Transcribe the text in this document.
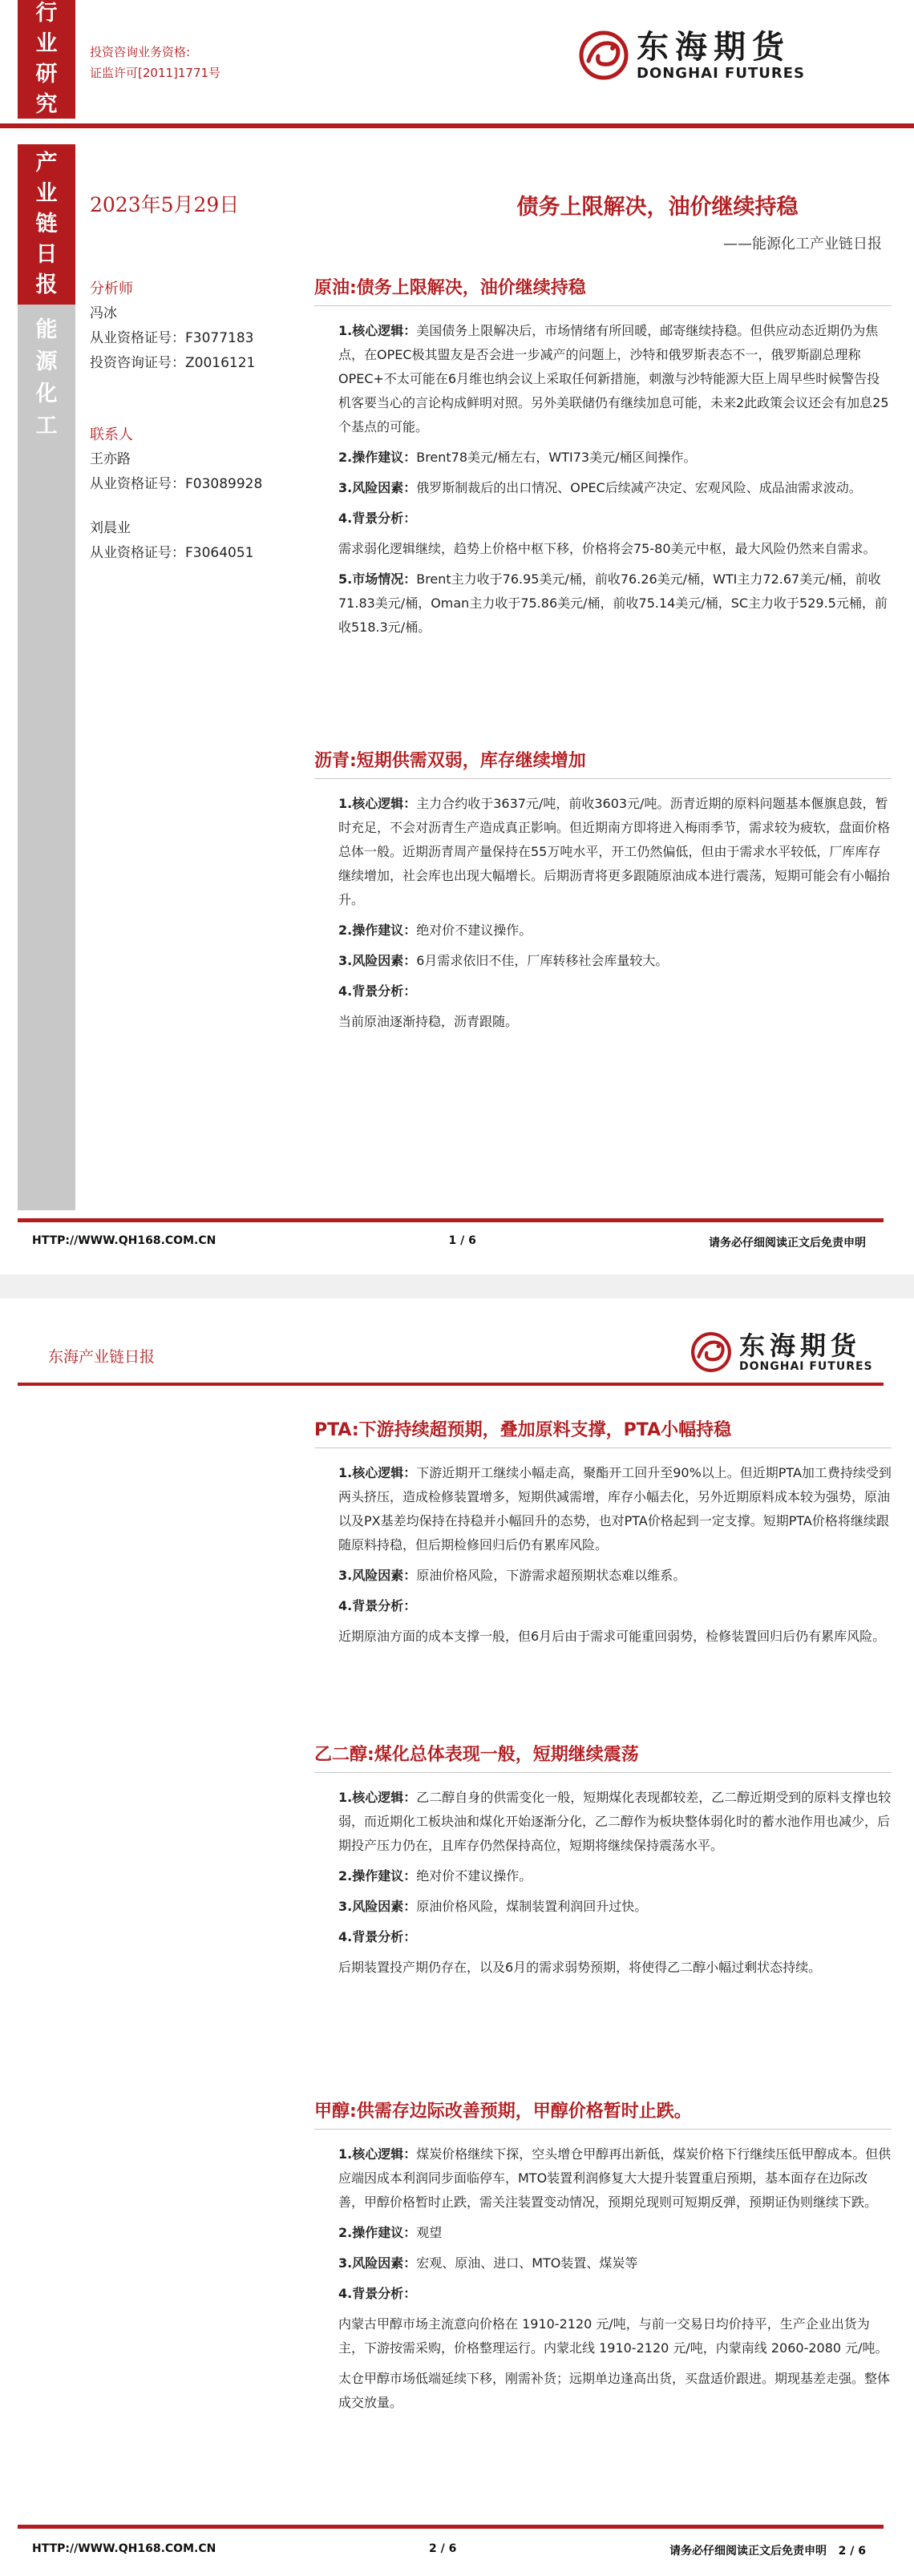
行
业
研
究
投资咨询业务资格:
证监许可[2011]1771号
东海期货
DONGHAI FUTURES
产
业
链
日
报
能
源
化
工
2023年5月29日	债务上限解决，油价继续持稳
——能源化工产业链日报
分析师
冯冰
从业资格证号：F3077183
投资咨询证号：Z0016121
联系人
王亦路
从业资格证号：F03089928
刘晨业
从业资格证号：F3064051
原油:债务上限解决，油价继续持稳
1.核心逻辑：美国债务上限解决后，市场情绪有所回暖，邮寄继续持稳。但供应动态近期仍为焦点，在OPEC极其盟友是否会进一步减产的问题上，沙特和俄罗斯表态不一，俄罗斯副总理称OPEC+不太可能在6月维也纳会议上采取任何新措施，刺激与沙特能源大臣上周早些时候警告投机客要当心的言论构成鲜明对照。另外美联储仍有继续加息可能，未来2此政策会议还会有加息25个基点的可能。
2.操作建议：Brent78美元/桶左右，WTI73美元/桶区间操作。
3.风险因素：俄罗斯制裁后的出口情况、OPEC后续减产决定、宏观风险、成品油需求波动。
4.背景分析：
需求弱化逻辑继续，趋势上价格中枢下移，价格将会75-80美元中枢，最大风险仍然来自需求。
5.市场情况：Brent主力收于76.95美元/桶，前收76.26美元/桶，WTI主力72.67美元/桶，前收71.83美元/桶，Oman主力收于75.86美元/桶，前收75.14美元/桶，SC主力收于529.5元桶，前收518.3元/桶。
沥青:短期供需双弱，库存继续增加
1.核心逻辑：主力合约收于3637元/吨，前收3603元/吨。沥青近期的原料问题基本偃旗息鼓，暂时充足，不会对沥青生产造成真正影响。但近期南方即将进入梅雨季节，需求较为疲软，盘面价格总体一般。近期沥青周产量保持在55万吨水平，开工仍然偏低，但由于需求水平较低，厂库库存继续增加，社会库也出现大幅增长。后期沥青将更多跟随原油成本进行震荡，短期可能会有小幅抬升。
2.操作建议：绝对价不建议操作。
3.风险因素：6月需求依旧不佳，厂库转移社会库量较大。
4.背景分析：
当前原油逐渐持稳，沥青跟随。
HTTP://WWW.QH168.COM.CN	1 / 6	请务必仔细阅读正文后免责申明
东海产业链日报	东海期货
DONGHAI FUTURES
PTA:下游持续超预期，叠加原料支撑，PTA小幅持稳
1.核心逻辑：下游近期开工继续小幅走高，聚酯开工回升至90%以上。但近期PTA加工费持续受到两头挤压，造成检修装置增多，短期供减需增，库存小幅去化，另外近期原料成本较为强势，原油以及PX基差均保持在持稳并小幅回升的态势，也对PTA价格起到一定支撑。短期PTA价格将继续跟随原料持稳，但后期检修回归后仍有累库风险。
3.风险因素：原油价格风险，下游需求超预期状态难以维系。
4.背景分析：
近期原油方面的成本支撑一般，但6月后由于需求可能重回弱势，检修装置回归后仍有累库风险。
乙二醇:煤化总体表现一般，短期继续震荡
1.核心逻辑：乙二醇自身的供需变化一般，短期煤化表现都较差，乙二醇近期受到的原料支撑也较弱，而近期化工板块油和煤化开始逐渐分化，乙二醇作为板块整体弱化时的蓄水池作用也减少，后期投产压力仍在，且库存仍然保持高位，短期将继续保持震荡水平。
2.操作建议：绝对价不建议操作。
3.风险因素：原油价格风险，煤制装置利润回升过快。
4.背景分析：
后期装置投产期仍存在，以及6月的需求弱势预期，将使得乙二醇小幅过剩状态持续。
甲醇:供需存边际改善预期，甲醇价格暂时止跌。
1.核心逻辑：煤炭价格继续下探，空头增仓甲醇再出新低，煤炭价格下行继续压低甲醇成本。但供应端因成本利润同步面临停车，MTO装置利润修复大大提升装置重启预期，基本面存在边际改善，甲醇价格暂时止跌，需关注装置变动情况，预期兑现则可短期反弹，预期证伪则继续下跌。
2.操作建议：观望
3.风险因素：宏观、原油、进口、MTO装置、煤炭等
4.背景分析：
内蒙古甲醇市场主流意向价格在 1910-2120 元/吨，与前一交易日均价持平，生产企业出货为主，下游按需采购，价格整理运行。内蒙北线 1910-2120 元/吨，内蒙南线 2060-2080 元/吨。
太仓甲醇市场低端延续下移，刚需补货；远期单边逢高出货，买盘适价跟进。期现基差走强。整体成交放量。
HTTP://WWW.QH168.COM.CN	2 / 6	请务必仔细阅读正文后免责申明 2 / 6
